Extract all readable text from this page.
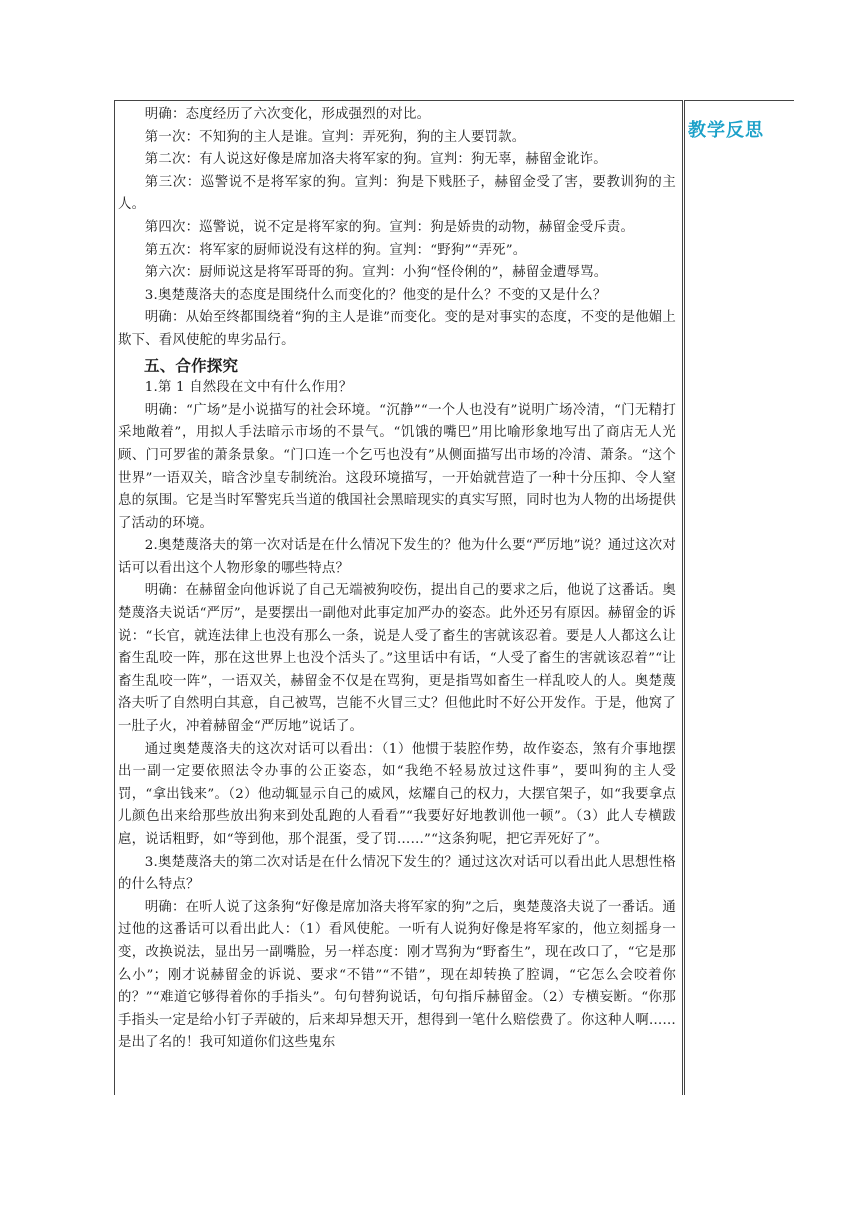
明确：态度经历了六次变化，形成强烈的对比。

第一次：不知狗的主人是谁。宣判：弄死狗，狗的主人要罚款。

第二次：有人说这好像是席加洛夫将军家的狗。宣判：狗无辜，赫留金讹诈。

第三次：巡警说不是将军家的狗。宣判：狗是下贱胚子，赫留金受了害，要教训狗的主人。

第四次：巡警说，说不定是将军家的狗。宣判：狗是娇贵的动物，赫留金受斥责。

第五次：将军家的厨师说没有这样的狗。宣判：“野狗”“弄死”。

第六次：厨师说这是将军哥哥的狗。宣判：小狗“怪伶俐的”，赫留金遭辱骂。

3.奥楚蔑洛夫的态度是围绕什么而变化的？他变的是什么？不变的又是什么？

明确：从始至终都围绕着“狗的主人是谁”而变化。变的是对事实的态度，不变的是他媚上欺下、看风使舵的卑劣品行。

五、合作探究

1.第 1 自然段在文中有什么作用？

明确：“广场”是小说描写的社会环境。“沉静”“一个人也没有”说明广场冷清，“门无精打采地敞着”，用拟人手法暗示市场的不景气。“饥饿的嘴巴”用比喻形象地写出了商店无人光顾、门可罗雀的萧条景象。“门口连一个乞丐也没有”从侧面描写出市场的冷清、萧条。“这个世界”一语双关，暗含沙皇专制统治。这段环境描写，一开始就营造了一种十分压抑、令人窒息的氛围。它是当时军警宪兵当道的俄国社会黑暗现实的真实写照，同时也为人物的出场提供了活动的环境。

2.奥楚蔑洛夫的第一次对话是在什么情况下发生的？他为什么要“严厉地”说？通过这次对话可以看出这个人物形象的哪些特点？

明确：在赫留金向他诉说了自己无端被狗咬伤，提出自己的要求之后，他说了这番话。奥楚蔑洛夫说话“严厉”，是要摆出一副他对此事定加严办的姿态。此外还另有原因。赫留金的诉说：“长官，就连法律上也没有那么一条，说是人受了畜生的害就该忍着。要是人人都这么让畜生乱咬一阵，那在这世界上也没个活头了。”这里话中有话，“人受了畜生的害就该忍着”“让畜生乱咬一阵”，一语双关，赫留金不仅是在骂狗，更是指骂如畜生一样乱咬人的人。奥楚蔑洛夫听了自然明白其意，自己被骂，岂能不火冒三丈？但他此时不好公开发作。于是，他窝了一肚子火，冲着赫留金“严厉地”说话了。

通过奥楚蔑洛夫的这次对话可以看出：（1）他惯于装腔作势，故作姿态，煞有介事地摆出一副一定要依照法令办事的公正姿态，如“我绝不轻易放过这件事”，要叫狗的主人受罚，“拿出钱来”。（2）他动辄显示自己的威风，炫耀自己的权力，大摆官架子，如“我要拿点儿颜色出来给那些放出狗来到处乱跑的人看看”“我要好好地教训他一顿”。（3）此人专横跋扈，说话粗野，如“等到他，那个混蛋，受了罚……”“这条狗呢，把它弄死好了”。

3.奥楚蔑洛夫的第二次对话是在什么情况下发生的？通过这次对话可以看出此人思想性格的什么特点？

明确：在听人说了这条狗“好像是席加洛夫将军家的狗”之后，奥楚蔑洛夫说了一番话。通过他的这番话可以看出此人：（1）看风使舵。一听有人说狗好像是将军家的，他立刻摇身一变，改换说法，显出另一副嘴脸，另一样态度：刚才骂狗为“野畜生”，现在改口了，“它是那么小”；刚才说赫留金的诉说、要求“不错”“不错”，现在却转换了腔调，“它怎么会咬着你的？”“难道它够得着你的手指头”。句句替狗说话，句句指斥赫留金。（2）专横妄断。“你那手指头一定是给小钉子弄破的，后来却异想天开，想得到一笔什么赔偿费了。你这种人啊……是出了名的！我可知道你们这些鬼东

教学反思
